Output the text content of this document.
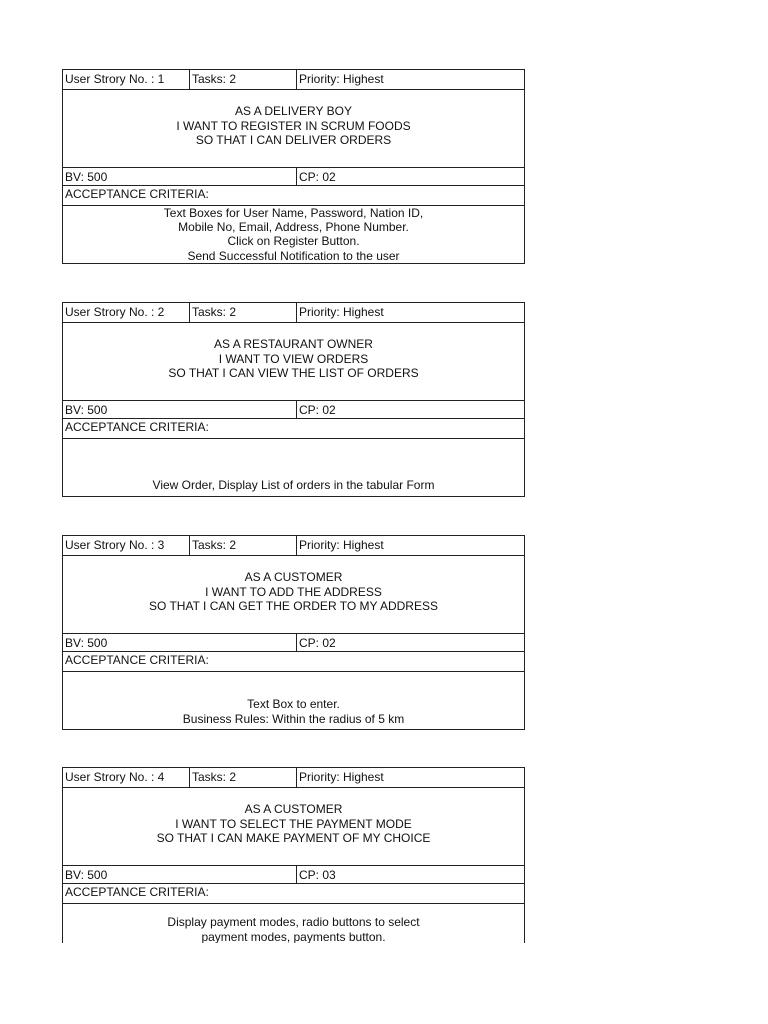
User Strory No. : 1	Tasks: 2	Priority: Highest
AS A DELIVERY BOY
I WANT TO REGISTER IN SCRUM FOODS
SO THAT I CAN DELIVER ORDERS
BV: 500	CP: 02
ACCEPTANCE CRITERIA:
Text Boxes for User Name, Password, Nation ID,
Mobile No, Email, Address, Phone Number.
Click on Register Button.
Send Successful Notification to the user
User Strory No. : 2	Tasks: 2	Priority: Highest
AS A RESTAURANT OWNER
I WANT TO VIEW ORDERS
SO THAT I CAN VIEW THE LIST OF ORDERS
BV: 500	CP: 02
ACCEPTANCE CRITERIA:
View Order, Display List of orders in the tabular Form
User Strory No. : 3	Tasks: 2	Priority: Highest
AS A CUSTOMER
I WANT TO ADD THE ADDRESS
SO THAT I CAN GET THE ORDER TO MY ADDRESS
BV: 500	CP: 02
ACCEPTANCE CRITERIA:
Text Box to enter.
Business Rules: Within the radius of 5 km
User Strory No. : 4	Tasks: 2	Priority: Highest
AS A CUSTOMER
I WANT TO SELECT THE PAYMENT MODE
SO THAT I CAN MAKE PAYMENT OF MY CHOICE
BV: 500	CP: 03
ACCEPTANCE CRITERIA:
Display payment modes, radio buttons to select
payment modes, payments button.
